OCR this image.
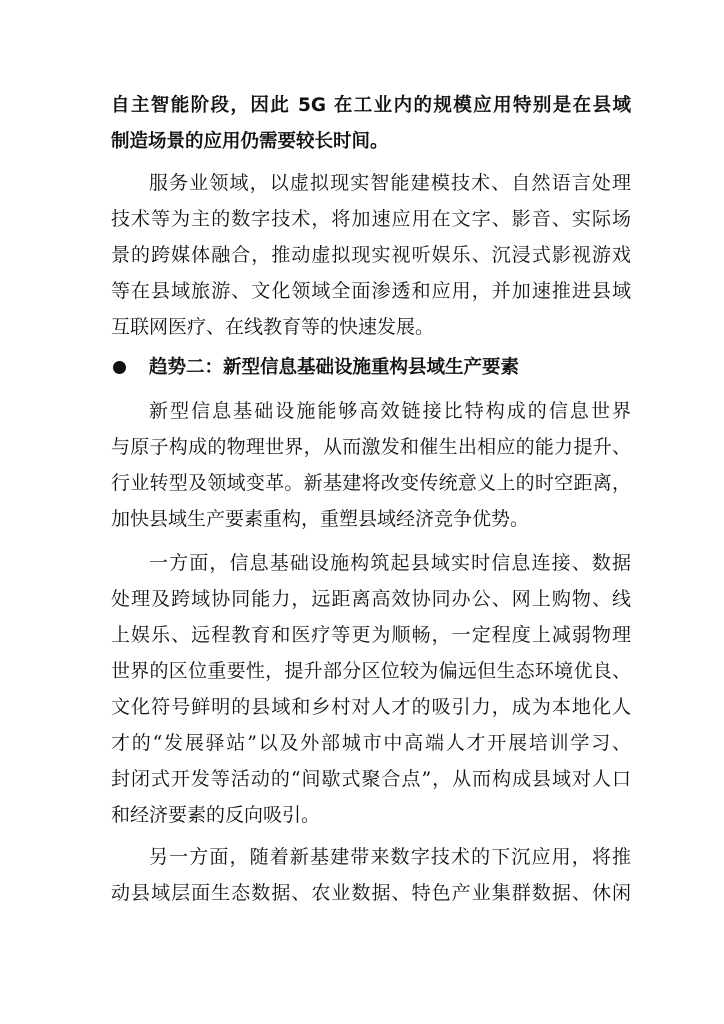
自主智能阶段，因此 5G 在工业内的规模应用特别是在县域
制造场景的应用仍需要较长时间。
服务业领域，以虚拟现实智能建模技术、自然语言处理
技术等为主的数字技术，将加速应用在文字、影音、实际场
景的跨媒体融合，推动虚拟现实视听娱乐、沉浸式影视游戏
等在县域旅游、文化领域全面渗透和应用，并加速推进县域
互联网医疗、在线教育等的快速发展。
趋势二：新型信息基础设施重构县域生产要素
新型信息基础设施能够高效链接比特构成的信息世界
与原子构成的物理世界，从而激发和催生出相应的能力提升、
行业转型及领域变革。新基建将改变传统意义上的时空距离，
加快县域生产要素重构，重塑县域经济竞争优势。
一方面，信息基础设施构筑起县域实时信息连接、数据
处理及跨域协同能力，远距离高效协同办公、网上购物、线
上娱乐、远程教育和医疗等更为顺畅，一定程度上减弱物理
世界的区位重要性，提升部分区位较为偏远但生态环境优良、
文化符号鲜明的县域和乡村对人才的吸引力，成为本地化人
才的“发展驿站”以及外部城市中高端人才开展培训学习、
封闭式开发等活动的“间歇式聚合点”，从而构成县域对人口
和经济要素的反向吸引。
另一方面，随着新基建带来数字技术的下沉应用，将推
动县域层面生态数据、农业数据、特色产业集群数据、休闲
